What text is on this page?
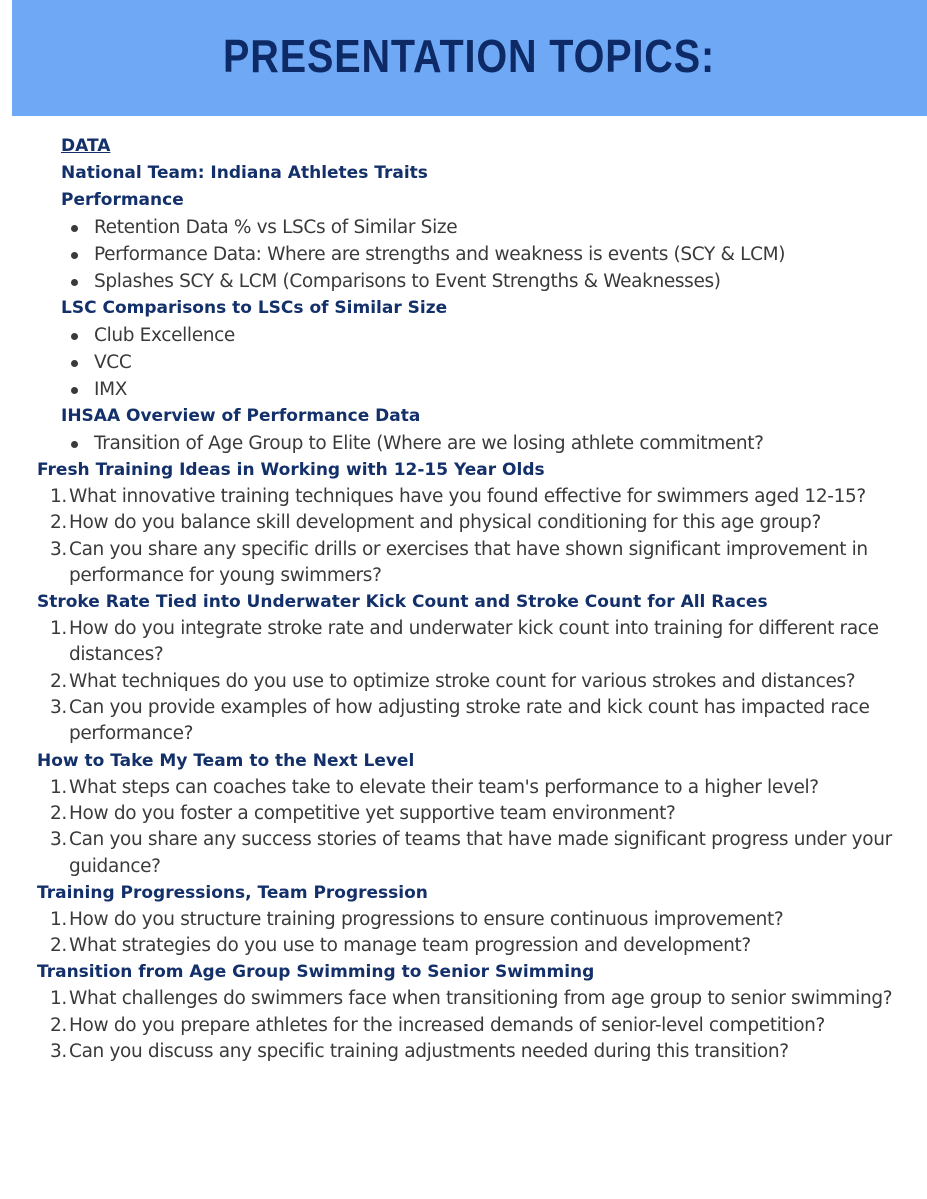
PRESENTATION TOPICS:
DATA
National Team: Indiana Athletes Traits
Performance
Retention Data % vs LSCs of Similar Size
Performance Data: Where are strengths and weakness is events (SCY & LCM)
Splashes SCY & LCM (Comparisons to Event Strengths & Weaknesses)
LSC Comparisons to LSCs of Similar Size
Club Excellence
VCC
IMX
IHSAA Overview of Performance Data
Transition of Age Group to Elite (Where are we losing athlete commitment?
Fresh Training Ideas in Working with 12-15 Year Olds
1. What innovative training techniques have you found effective for swimmers aged 12-15?
2. How do you balance skill development and physical conditioning for this age group?
3. Can you share any specific drills or exercises that have shown significant improvement in performance for young swimmers?
Stroke Rate Tied into Underwater Kick Count and Stroke Count for All Races
1. How do you integrate stroke rate and underwater kick count into training for different race distances?
2. What techniques do you use to optimize stroke count for various strokes and distances?
3. Can you provide examples of how adjusting stroke rate and kick count has impacted race performance?
How to Take My Team to the Next Level
1. What steps can coaches take to elevate their team's performance to a higher level?
2. How do you foster a competitive yet supportive team environment?
3. Can you share any success stories of teams that have made significant progress under your guidance?
Training Progressions, Team Progression
1. How do you structure training progressions to ensure continuous improvement?
2. What strategies do you use to manage team progression and development?
Transition from Age Group Swimming to Senior Swimming
1. What challenges do swimmers face when transitioning from age group to senior swimming?
2. How do you prepare athletes for the increased demands of senior-level competition?
3. Can you discuss any specific training adjustments needed during this transition?
